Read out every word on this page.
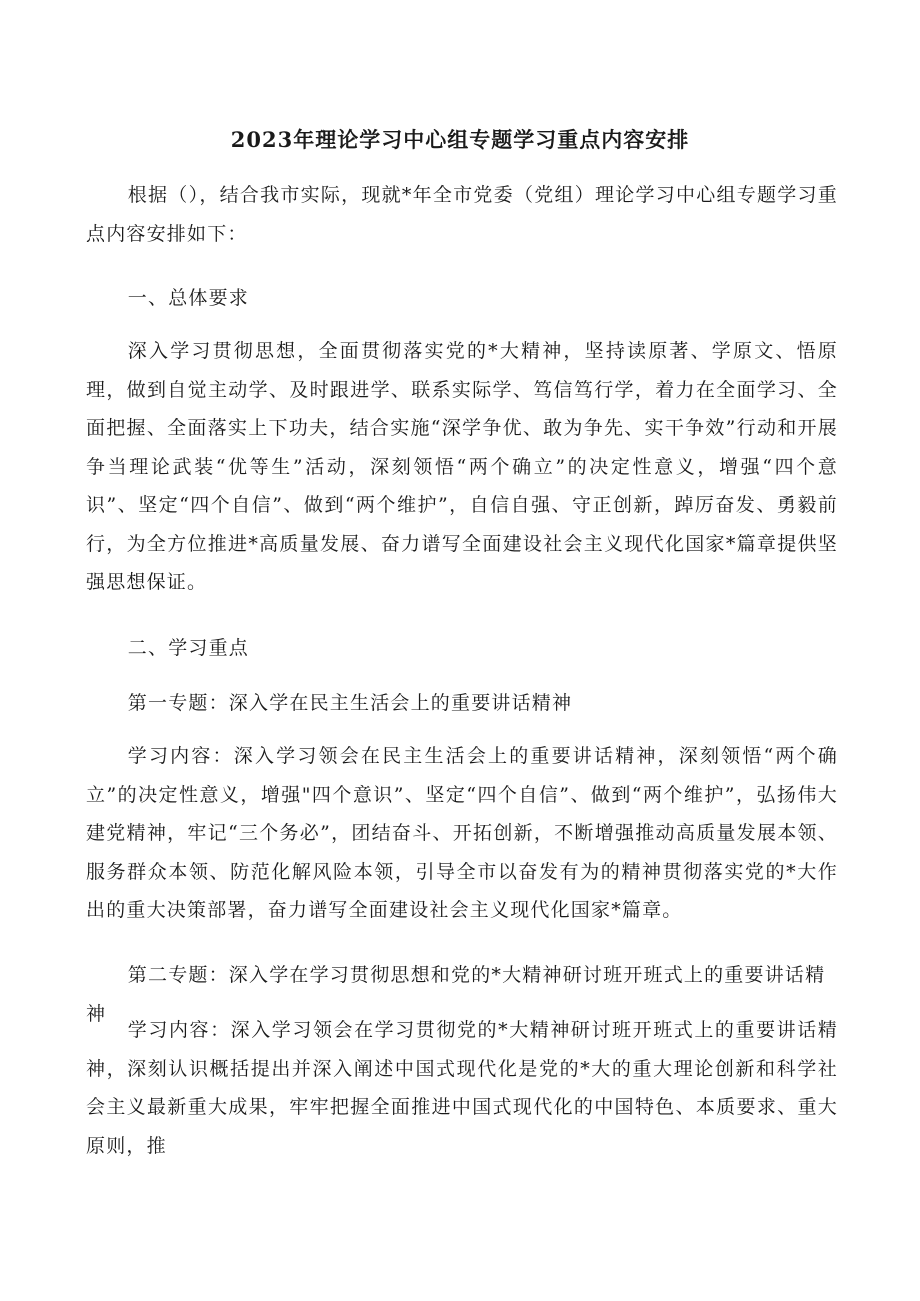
2023年理论学习中心组专题学习重点内容安排

根据（），结合我市实际，现就*年全市党委（党组）理论学习中心组专题学习重点内容安排如下：

一、总体要求

深入学习贯彻思想，全面贯彻落实党的*大精神，坚持读原著、学原文、悟原理，做到自觉主动学、及时跟进学、联系实际学、笃信笃行学，着力在全面学习、全面把握、全面落实上下功夫，结合实施“深学争优、敢为争先、实干争效”行动和开展争当理论武装“优等生”活动，深刻领悟“两个确立”的决定性意义，增强“四个意识”、坚定“四个自信”、做到“两个维护”，自信自强、守正创新，踔厉奋发、勇毅前行，为全方位推进*高质量发展、奋力谱写全面建设社会主义现代化国家*篇章提供坚强思想保证。

二、学习重点

第一专题：深入学在民主生活会上的重要讲话精神

学习内容：深入学习领会在民主生活会上的重要讲话精神，深刻领悟“两个确立”的决定性意义，增强"四个意识”、坚定“四个自信”、做到“两个维护”，弘扬伟大建党精神，牢记“三个务必”，团结奋斗、开拓创新，不断增强推动高质量发展本领、服务群众本领、防范化解风险本领，引导全市以奋发有为的精神贯彻落实党的*大作出的重大决策部署，奋力谱写全面建设社会主义现代化国家*篇章。

第二专题：深入学在学习贯彻思想和党的*大精神研讨班开班式上的重要讲话精神

学习内容：深入学习领会在学习贯彻党的*大精神研讨班开班式上的重要讲话精神，深刻认识概括提出并深入阐述中国式现代化是党的*大的重大理论创新和科学社会主义最新重大成果，牢牢把握全面推进中国式现代化的中国特色、本质要求、重大原则，推
